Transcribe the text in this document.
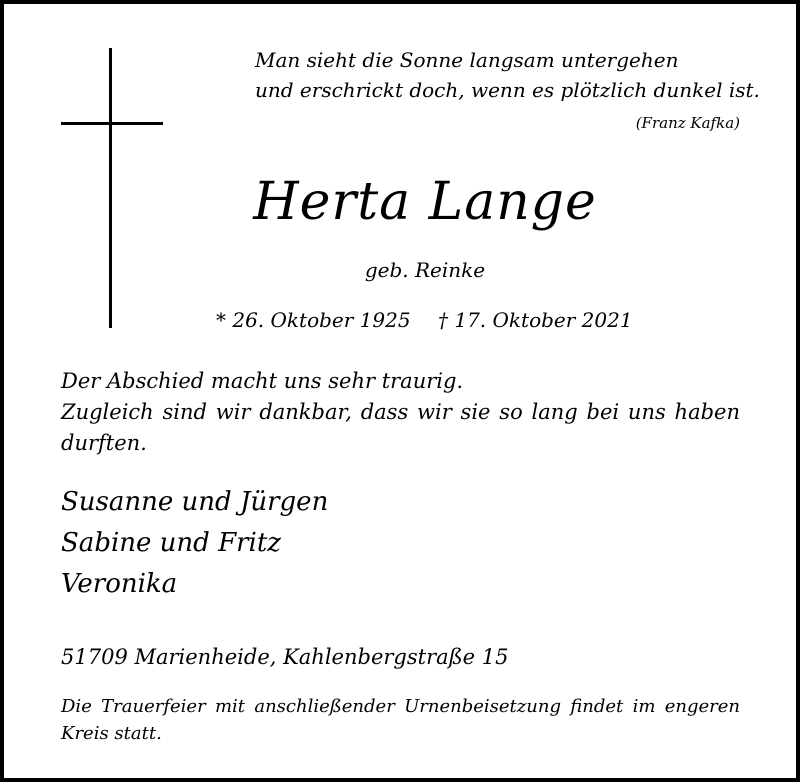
Man sieht die Sonne langsam untergehen
und erschrickt doch, wenn es plötzlich dunkel ist.
(Franz Kafka)
Herta Lange
geb. Reinke
* 26. Oktober 1925 † 17. Oktober 2021

Der Abschied macht uns sehr traurig.

Zugleich sind wir dankbar, dass wir sie so lang bei uns haben durften.

Susanne und Jürgen
Sabine und Fritz
Veronika
51709 Marienheide, Kahlenbergstraße 15
Die Trauerfeier mit anschließender Urnenbeisetzung findet im engeren Kreis statt.
